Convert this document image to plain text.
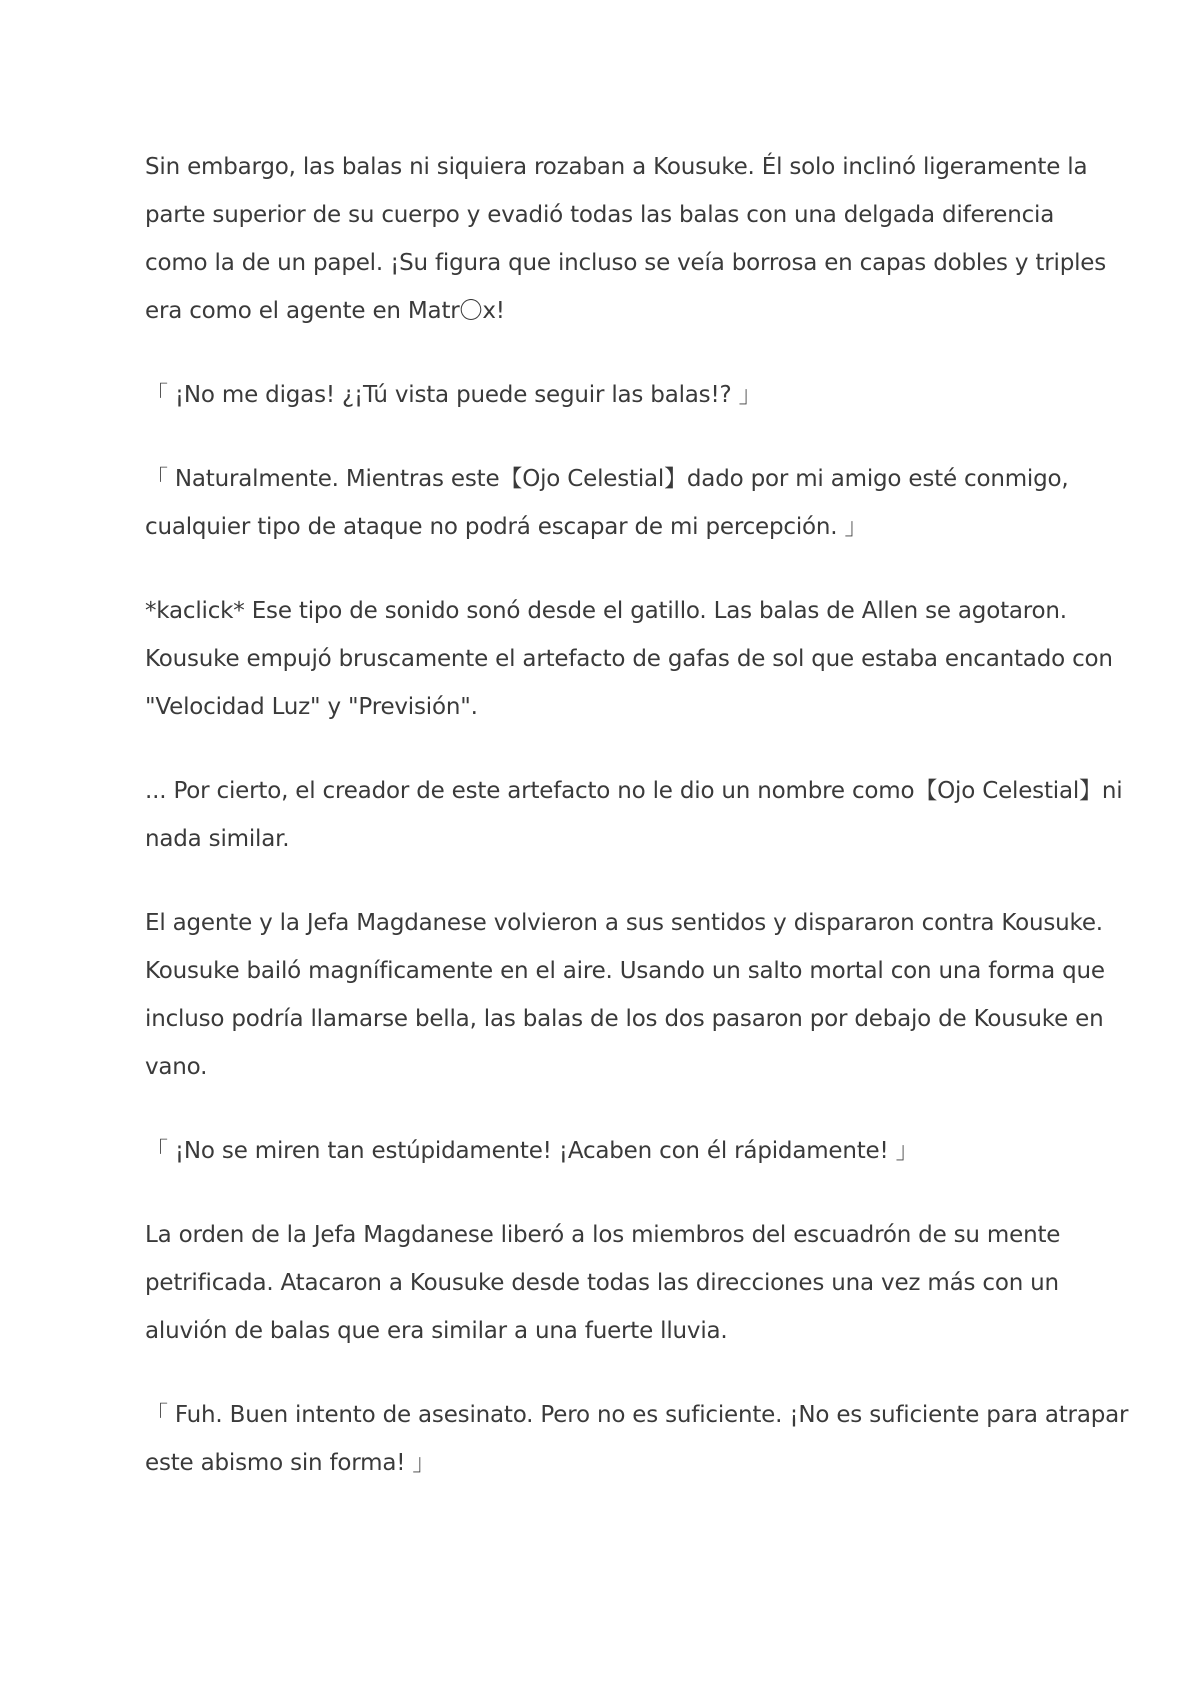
Sin embargo, las balas ni siquiera rozaban a Kousuke. Él solo inclinó ligeramente la
parte superior de su cuerpo y evadió todas las balas con una delgada diferencia
como la de un papel. ¡Su figura que incluso se veía borrosa en capas dobles y triples
era como el agente en Matr〇x!

「 ¡No me digas! ¿¡Tú vista puede seguir las balas!? 」

「 Naturalmente. Mientras este【Ojo Celestial】dado por mi amigo esté conmigo,
cualquier tipo de ataque no podrá escapar de mi percepción. 」

*kaclick* Ese tipo de sonido sonó desde el gatillo. Las balas de Allen se agotaron.
Kousuke empujó bruscamente el artefacto de gafas de sol que estaba encantado con
"Velocidad Luz" y "Previsión".

... Por cierto, el creador de este artefacto no le dio un nombre como【Ojo Celestial】ni
nada similar.

El agente y la Jefa Magdanese volvieron a sus sentidos y dispararon contra Kousuke.
Kousuke bailó magníficamente en el aire. Usando un salto mortal con una forma que
incluso podría llamarse bella, las balas de los dos pasaron por debajo de Kousuke en
vano.

「 ¡No se miren tan estúpidamente! ¡Acaben con él rápidamente! 」

La orden de la Jefa Magdanese liberó a los miembros del escuadrón de su mente
petrificada. Atacaron a Kousuke desde todas las direcciones una vez más con un
aluvión de balas que era similar a una fuerte lluvia.

「 Fuh. Buen intento de asesinato. Pero no es suficiente. ¡No es suficiente para atrapar
este abismo sin forma! 」
